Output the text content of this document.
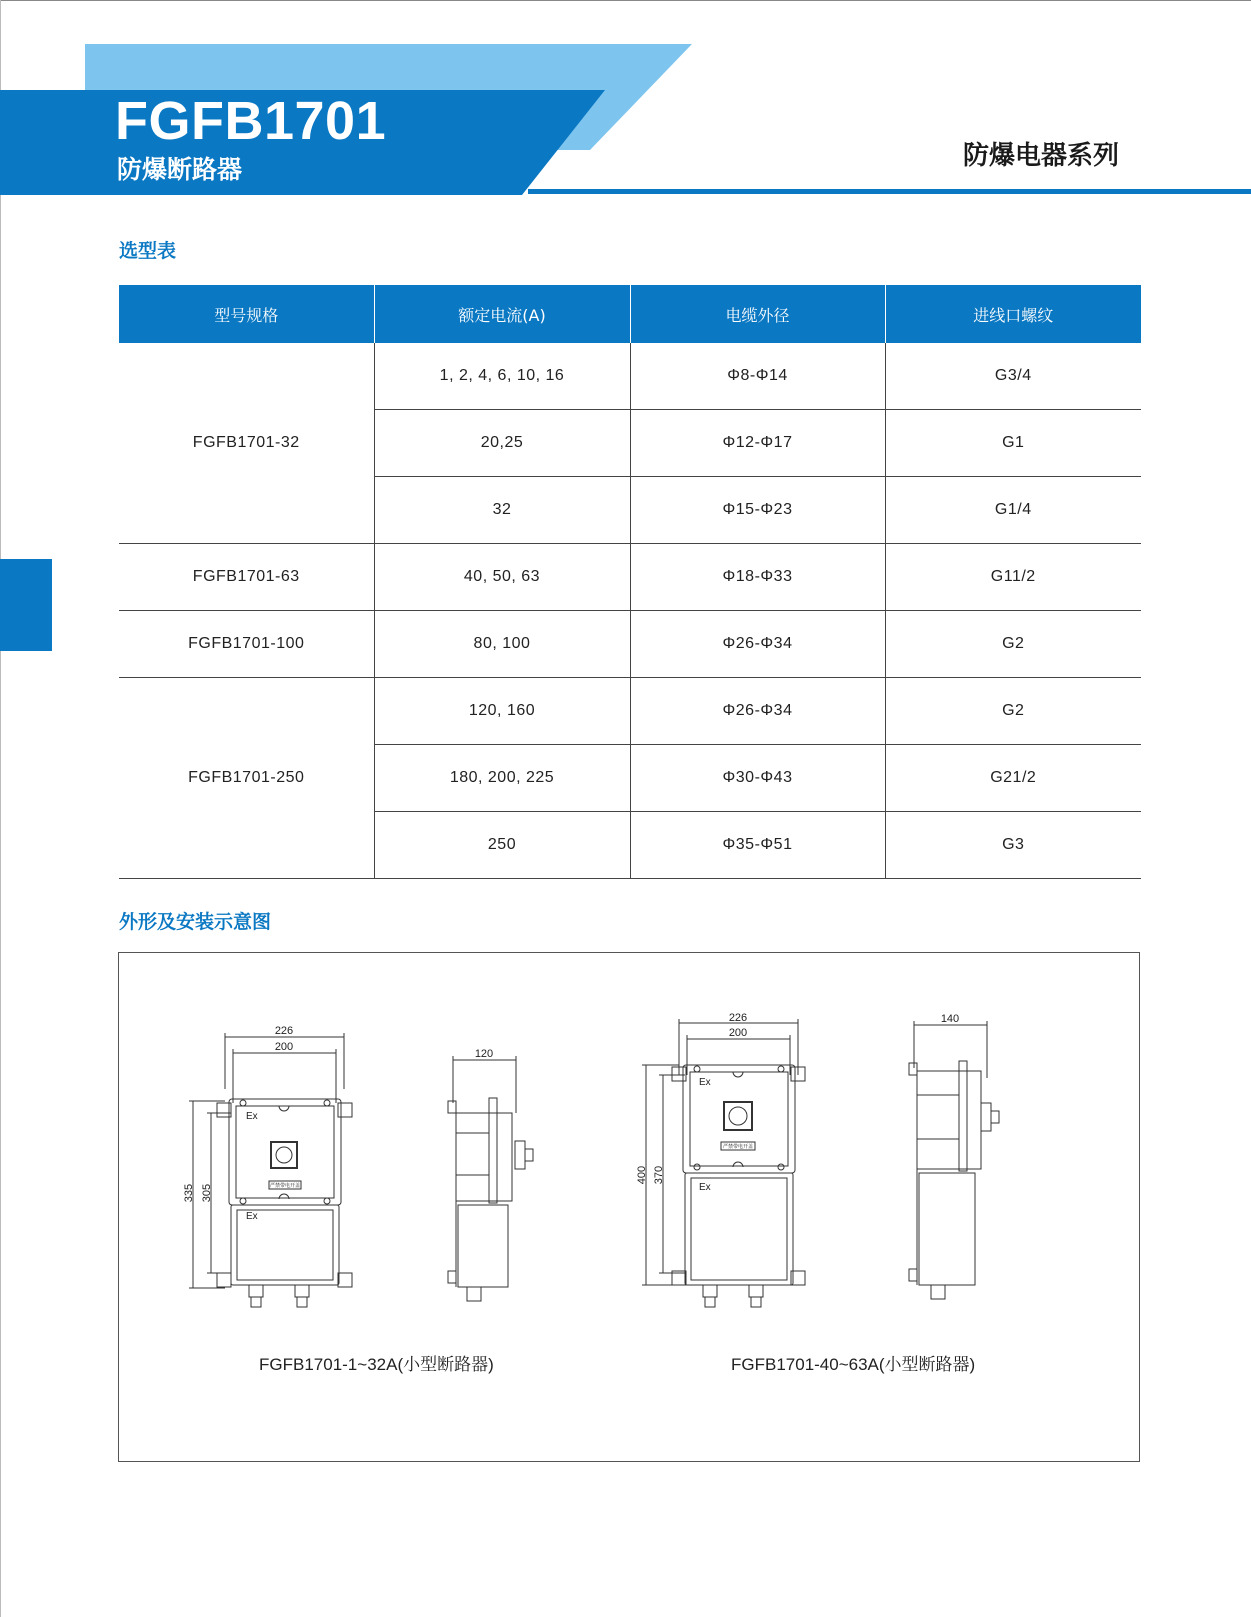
FGFB1701
防爆断路器	防爆电器系列
选型表
型号规格	额定电流(A)	电缆外径	进线口螺纹
FGFB1701-32	1, 2, 4, 6, 10, 16	Φ8-Φ14	G3/4
	20,25	Φ12-Φ17	G1
	32	Φ15-Φ23	G1/4
FGFB1701-63	40, 50, 63	Φ18-Φ33	G11/2
FGFB1701-100	80, 100	Φ26-Φ34	G2
FGFB1701-250	120, 160	Φ26-Φ34	G2
	180, 200, 225	Φ30-Φ43	G21/2
	250	Φ35-Φ51	G3
外形及安装示意图
226
200
335 305
Ex
Ex
严禁带电开盖
120
226
200
400 370
Ex
Ex
严禁带电开盖
140
FGFB1701-1~32A(小型断路器)	FGFB1701-40~63A(小型断路器)
